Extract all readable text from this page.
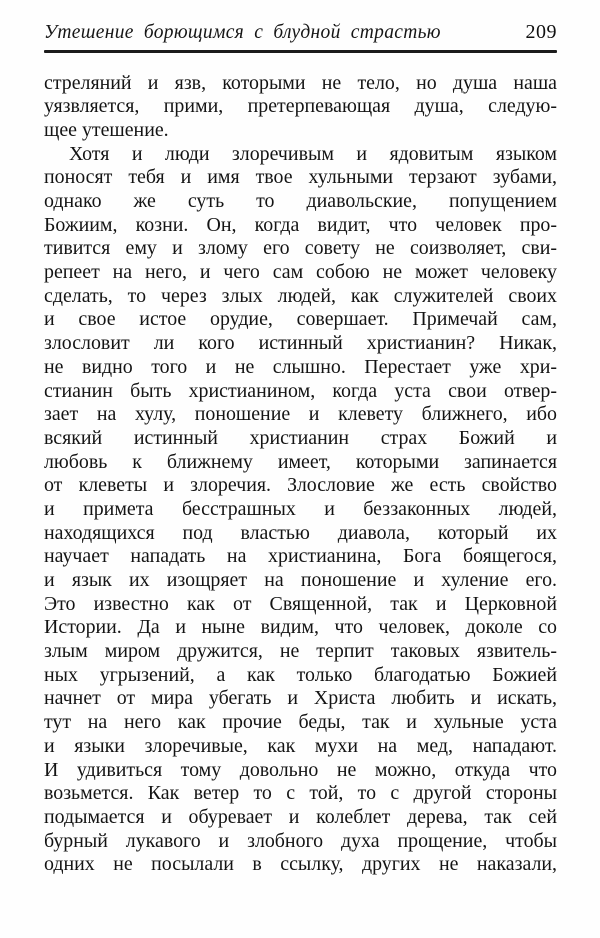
Утешение борющимся с блудной страстью	209
стреляний и язв, которыми не тело, но душа наша
уязвляется, прими, претерпевающая душа, следую-
щее утешение.
Хотя и люди злоречивым и ядовитым языком
поносят тебя и имя твое хульными терзают зубами,
однако же суть то диавольские, попущением
Божиим, козни. Он, когда видит, что человек про-
тивится ему и злому его совету не соизволяет, сви-
репеет на него, и чего сам собою не может человеку
сделать, то через злых людей, как служителей своих
и свое истое орудие, совершает. Примечай сам,
злословит ли кого истинный христианин? Никак,
не видно того и не слышно. Перестает уже хри-
стианин быть христианином, когда уста свои отвер-
зает на хулу, поношение и клевету ближнего, ибо
всякий истинный христианин страх Божий и
любовь к ближнему имеет, которыми запинается
от клеветы и злоречия. Злословие же есть свойство
и примета бесстрашных и беззаконных людей,
находящихся под властью диавола, который их
научает нападать на христианина, Бога боящегося,
и язык их изощряет на поношение и хуление его.
Это известно как от Священной, так и Церковной
Истории. Да и ныне видим, что человек, доколе со
злым миром дружится, не терпит таковых язвитель-
ных угрызений, а как только благодатью Божией
начнет от мира убегать и Христа любить и искать,
тут на него как прочие беды, так и хульные уста
и языки злоречивые, как мухи на мед, нападают.
И удивиться тому довольно не можно, откуда что
возьмется. Как ветер то с той, то с другой стороны
подымается и обуревает и колеблет дерева, так сей
бурный лукавого и злобного духа прощение, чтобы
одних не посылали в ссылку, других не наказали,
